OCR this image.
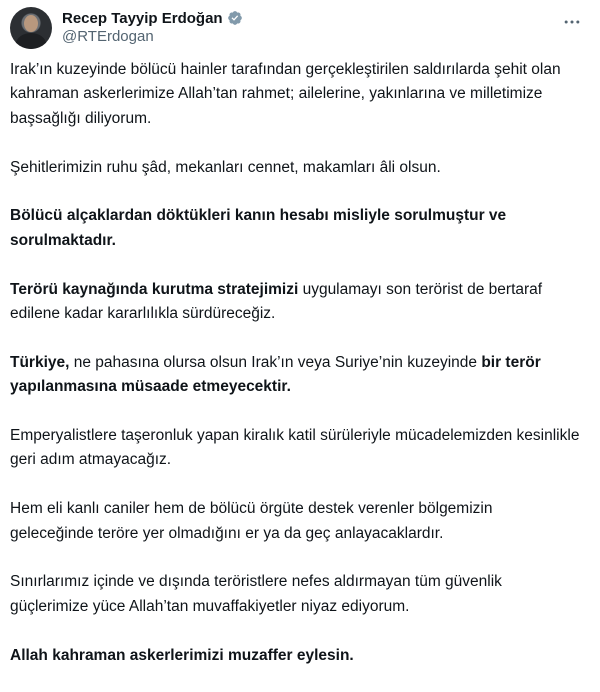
Recep Tayyip Erdoğan
@RTErdogan

Irak’ın kuzeyinde bölücü hainler tarafından gerçekleştirilen saldırılarda şehit olan kahraman askerlerimize Allah’tan rahmet; ailelerine, yakınlarına ve milletimize başsağlığı diliyorum.

Şehitlerimizin ruhu şâd, mekanları cennet, makamları âli olsun.

Bölücü alçaklardan döktükleri kanın hesabı misliyle sorulmuştur ve sorulmaktadır.

Terörü kaynağında kurutma stratejimizi uygulamayı son terörist de bertaraf edilene kadar kararlılıkla sürdüreceğiz.

Türkiye, ne pahasına olursa olsun Irak’ın veya Suriye’nin kuzeyinde bir terör yapılanmasına müsaade etmeyecektir.

Emperyalistlere taşeronluk yapan kiralık katil sürüleriyle mücadelemizden kesinlikle geri adım atmayacağız.

Hem eli kanlı caniler hem de bölücü örgüte destek verenler bölgemizin geleceğinde teröre yer olmadığını er ya da geç anlayacaklardır.

Sınırlarımız içinde ve dışında teröristlere nefes aldırmayan tüm güvenlik güçlerimize yüce Allah’tan muvaffakiyetler niyaz ediyorum.

Allah kahraman askerlerimizi muzaffer eylesin.
